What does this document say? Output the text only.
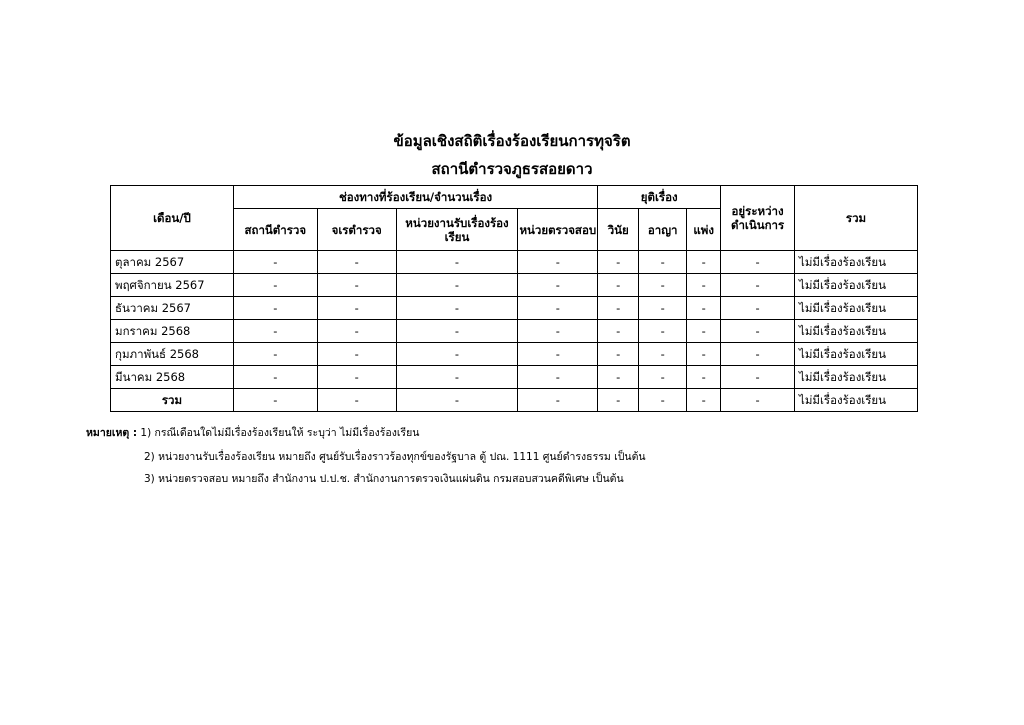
ข้อมูลเชิงสถิติเรื่องร้องเรียนการทุจริต
สถานีตำรวจภูธรสอยดาว
เดือน/ปี	ช่องทางที่ร้องเรียน/จำนวนเรื่อง				ยุติเรื่อง			อยู่ระหว่างดำเนินการ	รวม
	สถานีตำรวจ	จเรตำรวจ	หน่วยงานรับเรื่องร้องเรียน	หน่วยตรวจสอบ	วินัย	อาญา	แพ่ง		
ตุลาคม 2567	-	-	-	-	-	-	-	-	ไม่มีเรื่องร้องเรียน
พฤศจิกายน 2567	-	-	-	-	-	-	-	-	ไม่มีเรื่องร้องเรียน
ธันวาคม 2567	-	-	-	-	-	-	-	-	ไม่มีเรื่องร้องเรียน
มกราคม 2568	-	-	-	-	-	-	-	-	ไม่มีเรื่องร้องเรียน
กุมภาพันธ์ 2568	-	-	-	-	-	-	-	-	ไม่มีเรื่องร้องเรียน
มีนาคม 2568	-	-	-	-	-	-	-	-	ไม่มีเรื่องร้องเรียน
รวม	-	-	-	-	-	-	-	-	ไม่มีเรื่องร้องเรียน
หมายเหตุ : 1) กรณีเดือนใดไม่มีเรื่องร้องเรียนให้ ระบุว่า ไม่มีเรื่องร้องเรียน
2) หน่วยงานรับเรื่องร้องเรียน หมายถึง ศูนย์รับเรื่องราวร้องทุกข์ของรัฐบาล ตู้ ปณ. 1111 ศูนย์ดำรงธรรม เป็นต้น
3) หน่วยตรวจสอบ หมายถึง สำนักงาน ป.ป.ช. สำนักงานการตรวจเงินแผ่นดิน กรมสอบสวนคดีพิเศษ เป็นต้น
